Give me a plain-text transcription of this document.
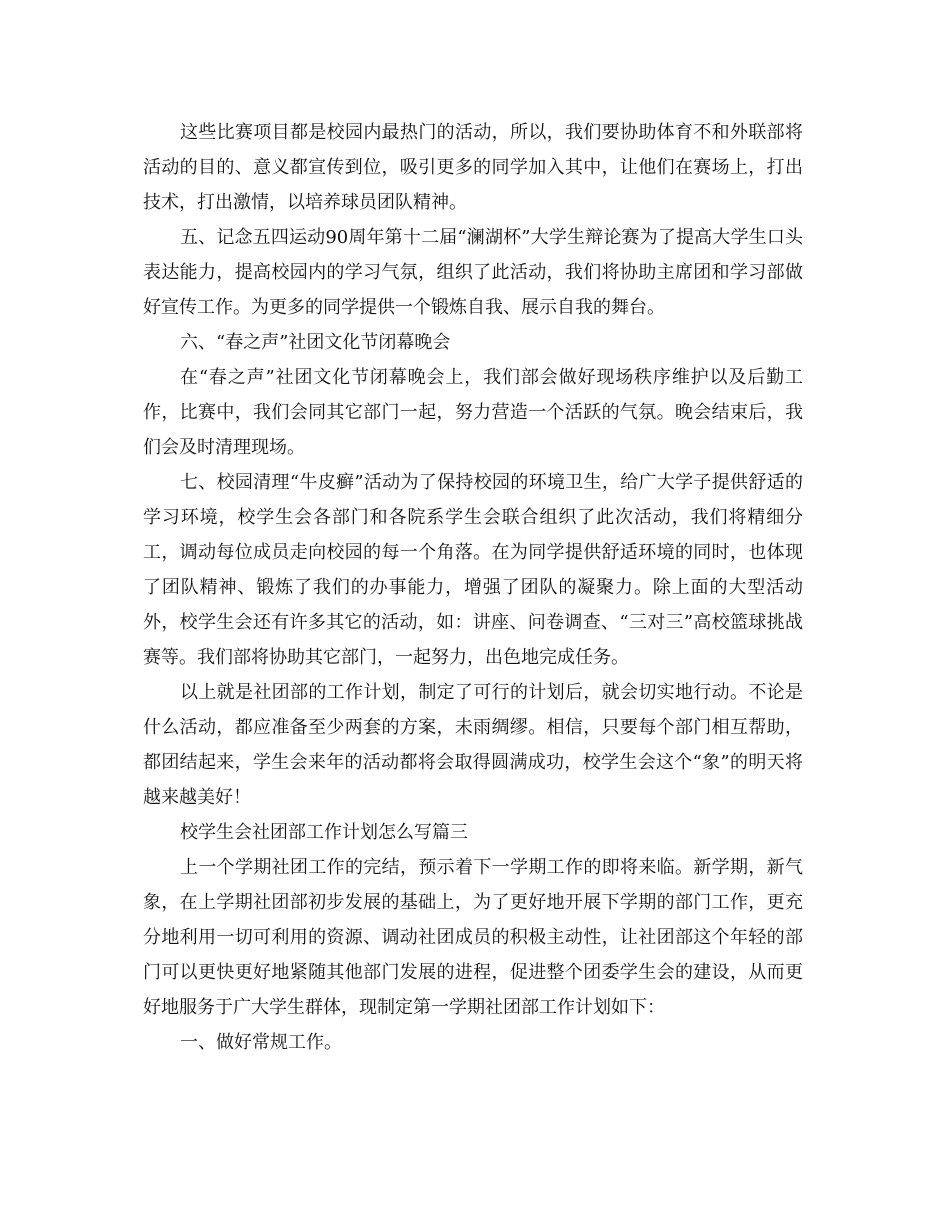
这些比赛项目都是校园内最热门的活动，所以，我们要协助体育不和外联部将活动的目的、意义都宣传到位，吸引更多的同学加入其中，让他们在赛场上，打出技术，打出激情，以培养球员团队精神。

五、记念五四运动90周年第十二届“澜湖杯”大学生辩论赛为了提高大学生口头表达能力，提高校园内的学习气氛，组织了此活动，我们将协助主席团和学习部做好宣传工作。为更多的同学提供一个锻炼自我、展示自我的舞台。

六、“春之声”社团文化节闭幕晚会

在“春之声”社团文化节闭幕晚会上，我们部会做好现场秩序维护以及后勤工作，比赛中，我们会同其它部门一起，努力营造一个活跃的气氛。晚会结束后，我们会及时清理现场。

七、校园清理“牛皮癣”活动为了保持校园的环境卫生，给广大学子提供舒适的学习环境，校学生会各部门和各院系学生会联合组织了此次活动，我们将精细分工，调动每位成员走向校园的每一个角落。在为同学提供舒适环境的同时，也体现了团队精神、锻炼了我们的办事能力，增强了团队的凝聚力。除上面的大型活动外，校学生会还有许多其它的活动，如：讲座、问卷调查、“三对三”高校篮球挑战赛等。我们部将协助其它部门，一起努力，出色地完成任务。

以上就是社团部的工作计划，制定了可行的计划后，就会切实地行动。不论是什么活动，都应准备至少两套的方案，未雨绸缪。相信，只要每个部门相互帮助，都团结起来，学生会来年的活动都将会取得圆满成功，校学生会这个“象”的明天将越来越美好！

校学生会社团部工作计划怎么写篇三

上一个学期社团工作的完结，预示着下一学期工作的即将来临。新学期，新气象，在上学期社团部初步发展的基础上，为了更好地开展下学期的部门工作，更充分地利用一切可利用的资源、调动社团成员的积极主动性，让社团部这个年轻的部门可以更快更好地紧随其他部门发展的进程，促进整个团委学生会的建设，从而更好地服务于广大学生群体，现制定第一学期社团部工作计划如下：

一、做好常规工作。
